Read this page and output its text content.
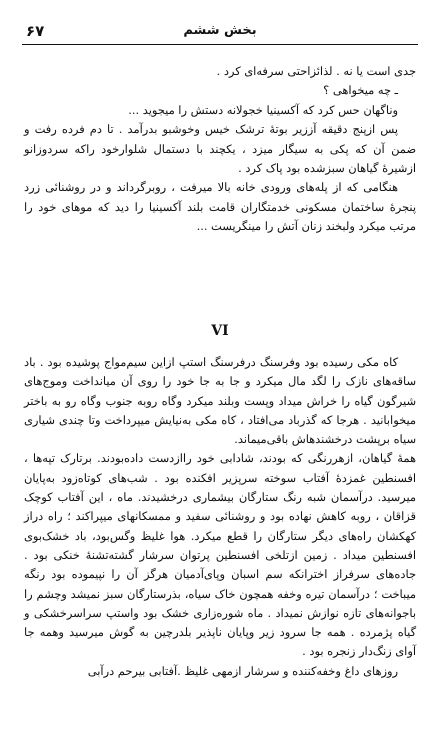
۶۷	بخش ششم

جدی است یا نه . لذائزاحتی سرفه‌ای کرد .

ـ چه میخواهی ؟

وناگهان حس کرد که آکسینیا خجولانه دستش را میجوید ...

پس ازپنج دقیقه آززیر بوتهٔ ترشک خیس وخوشبو بدرآمد . تا دم فرده رفت و ضمن آن که پکی به سیگار میزد ، یکچند با دستمال شلوارخود راکه سردوزانو ازشیرهٔ گیاهان سبزشده بود پاک کرد .

هنگامی که از پله‌های ورودی خانه بالا میرفت ، روبرگرداند و در روشنائی زرد پنجرهٔ ساختمان مسکونی خدمتگاران قامت بلند آکسینیا را دید که موهای خود را مرتب میکرد ولبخند زنان آتش را مینگریست ...

VI

کاه مکی رسیده بود وفرسنگ درفرسنگ استپ ازاین سیم‌مواج پوشیده بود . باد ساقه‌های نازک را لگد مال میکرد و جا به جا خود را روی آن میانداخت وموج‌های شیرگون گیاه را خراش میداد وپست وبلند میکرد وگاه روبه جنوب وگاه رو به باختر میخوابانید . هرجا که گذرباد می‌افتاد ، کاه مکی به‌نیایش میپرداخت وتا چندی شیاری سیاه برپشت درخشندهاش باقی‌میماند.

همهٔ گیاهان، ازهررنگی که بودند، شادابی خود راازدست داده‌بودند. برتارک تپه‌ها ، افسنطین غمزدهٔ آفتاب سوخته سرپزیر افکنده بود . شب‌های کوتاه‌زود به‌پایان میرسید. درآسمان شبه رنگ ستارگان بیشماری درخشیدند. ماه ، این آفتاب کوچک قزاقان ، روبه کاهش نهاده بود و روشنائی سفید و ممسکانهای میپراکند ؛ راه دراز کهکشان راه‌های دیگر ستارگان را قطع میکرد. هوا غلیظ وگس‌بود، باد خشک‌بوی افسنطین میداد . زمین ازتلخی افسنطین پرتوان سرشار گشته‌تشنهٔ خنکی بود . جاده‌های سرفراز اخترانکه سم اسبان وپای‌آدمیان هرگز آن را نپیموده بود رنگه میباخت ؛ درآسمان تیره وخفه همچون خاک سیاه، بذرستارگان سبز نمیشد وچشم را باجوانه‌های تازه نوازش نمیداد . ماه شوره‌زاری خشک بود واستپ سراسرخشکی و گیاه پژمرده . همه جا سرود زیر وپایان ناپذیر بلدرچین به گوش میرسید وهمه جا آوای زنگ‌دار زنجره بود .

روزهای داغ وخفه‌کننده و سرشار ازمهی غلیظ .آفتابی بیرحم درآبی
